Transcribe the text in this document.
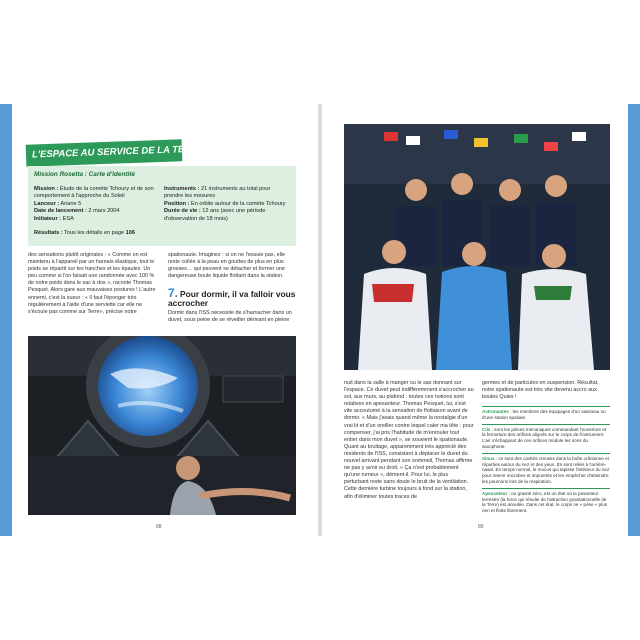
L'ESPACE AU SERVICE DE LA TERRE
Mission Rosetta : Carte d'identité
Mission : Étude de la comète Tchoury et de son comportement à l'approche du Soleil
Lanceur : Ariane 5
Date de lancement : 2 mars 2004
Initiateur : ESA
Instruments : 21 instruments au total pour prendre les mesures
Position : En orbite autour de la comète Tchoury
Durée de vie : 12 ans (avec une période d'observation de 18 mois)
Résultats : Tous les détails en page 106
des sensations plutôt originales : « Comme on est maintenu à l'appareil par un harnais élastique, tout le poids se répartit sur les hanches et les épaules. Un peu comme si l'on faisait une randonnée avec 100 % de notre poids dans le sac à dos », raconte Thomas Pesquet. Alors gare aux mauvaises postures ! L'autre ennemi, c'est la sueur : « Il faut l'éponger très régulièrement à l'aide d'une serviette car elle ne s'écoule pas comme sur Terre», précise notre
spationaute. Imaginez : si on ne l'essuie pas, elle reste collée à la peau en gouttes de plus en plus grosses… qui peuvent se détacher et former une dangereuse boule liquide flottant dans la station.
Dormir dans l'ISS nécessite de s'harnacher dans un duvet, sous peine de se réveiller dérivant en pleine
7. Pour dormir, il va falloir vous accrocher
nuit dans la salle à manger ou le sas donnant sur l'espace. Ce duvet peut indifféremment s'accrocher au sol, aux murs, au plafond : toutes ces notions sont relatives en apesanteur. Thomas Pesquet, lui, s'est vite accoutumé à la sensation de flottaison avant de dormir. « Mais j'avais quand même la nostalgie d'un vrai lit et d'un oreiller contre lequel caler ma tête : pour compenser, j'ai pris l'habitude de m'enrouler tout entier dans mon duvet », se souvient le spationaute. Quant au bruitage, apparemment très apprécié des résidents de l'ISS, consistant à déplacer le duvet du nouvel arrivant pendant son sommeil, Thomas affirme ne pas y avoir eu droit. « Ça n'est probablement qu'une rumeur », dément-il. Pour lui, le plus perturbant reste sans doute le bruit de la ventilation. Cette dernière turbine toujours à fond sur la station, afin d'éliminer toutes traces de
germes et de particules en suspension. Résultat, notre spationaute est très vite devenu accro aux boules Quies !
Astronautes : les membres des équipages d'un vaisseau ou d'une station spatiale.
Cils : sont les pièces mécaniques commandant l'ouverture et la fermeture des orifices alignés sur le corps de l'instrument. L'air s'échappant de ces orifices module les sons du saxophone.
Sinus : ce sont des cavités creuses dans la boîte crânienne et réparties autour du nez et des yeux. En sont reliés à l'arrière-nasal. En temps normal, le mucus qui tapisse l'intérieur du nez pour retenir microbes et impuretés et les empêcher d'atteindre les poumons lors de la respiration.
Apesanteur : ou gravité zéro, est un état où la pesanteur terrestre (la force qui résulte de l'attraction gravitationnelle de la Terre) est annulée. Dans cet état, le corps ne « pèse » plus rien et flotte librement.
88	89
